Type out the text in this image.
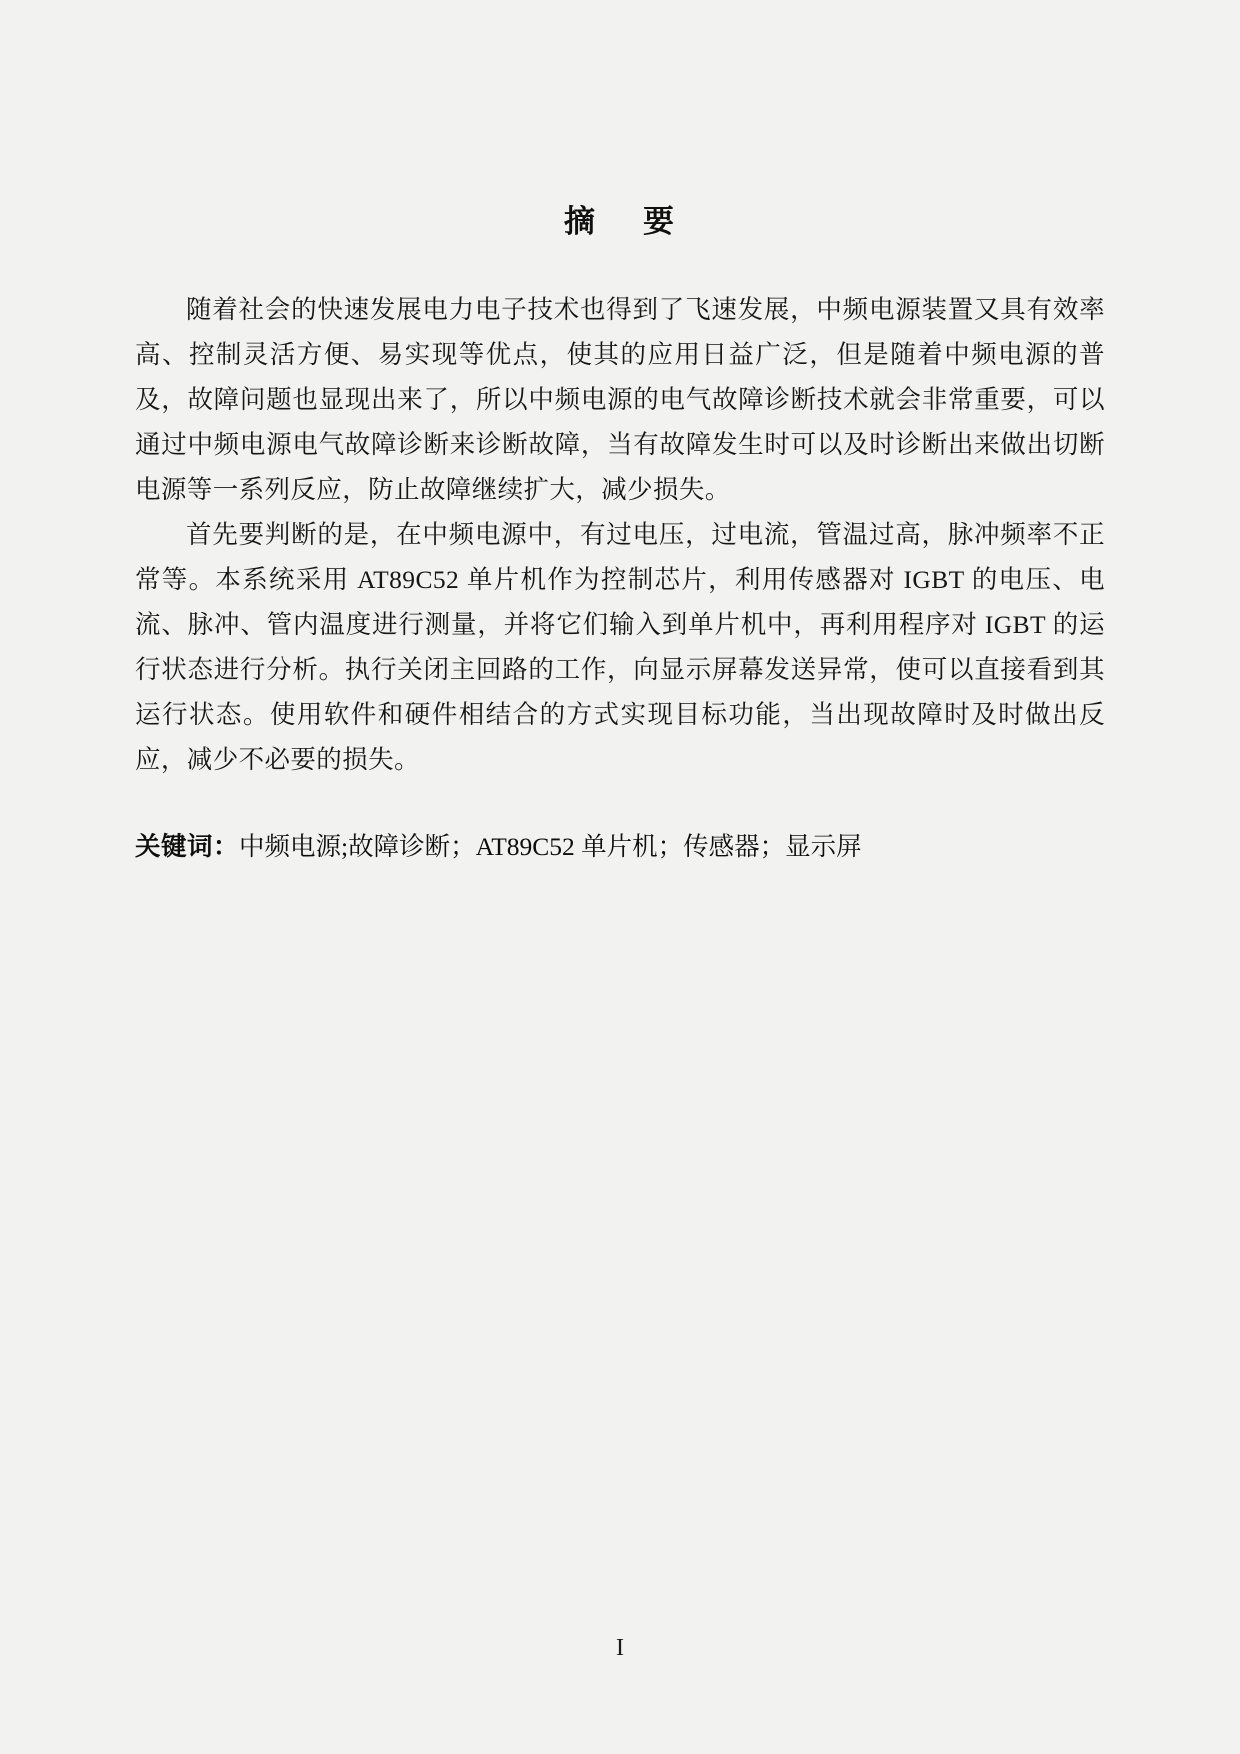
摘 要

随着社会的快速发展电力电子技术也得到了飞速发展，中频电源装置又具有效率高、控制灵活方便、易实现等优点，使其的应用日益广泛，但是随着中频电源的普及，故障问题也显现出来了，所以中频电源的电气故障诊断技术就会非常重要，可以通过中频电源电气故障诊断来诊断故障，当有故障发生时可以及时诊断出来做出切断电源等一系列反应，防止故障继续扩大，减少损失。

首先要判断的是，在中频电源中，有过电压，过电流，管温过高，脉冲频率不正常等。本系统采用 AT89C52 单片机作为控制芯片，利用传感器对 IGBT 的电压、电流、脉冲、管内温度进行测量，并将它们输入到单片机中，再利用程序对 IGBT 的运行状态进行分析。执行关闭主回路的工作，向显示屏幕发送异常，使可以直接看到其运行状态。使用软件和硬件相结合的方式实现目标功能，当出现故障时及时做出反应，减少不必要的损失。

关键词：中频电源;故障诊断；AT89C52 单片机；传感器；显示屏
I
